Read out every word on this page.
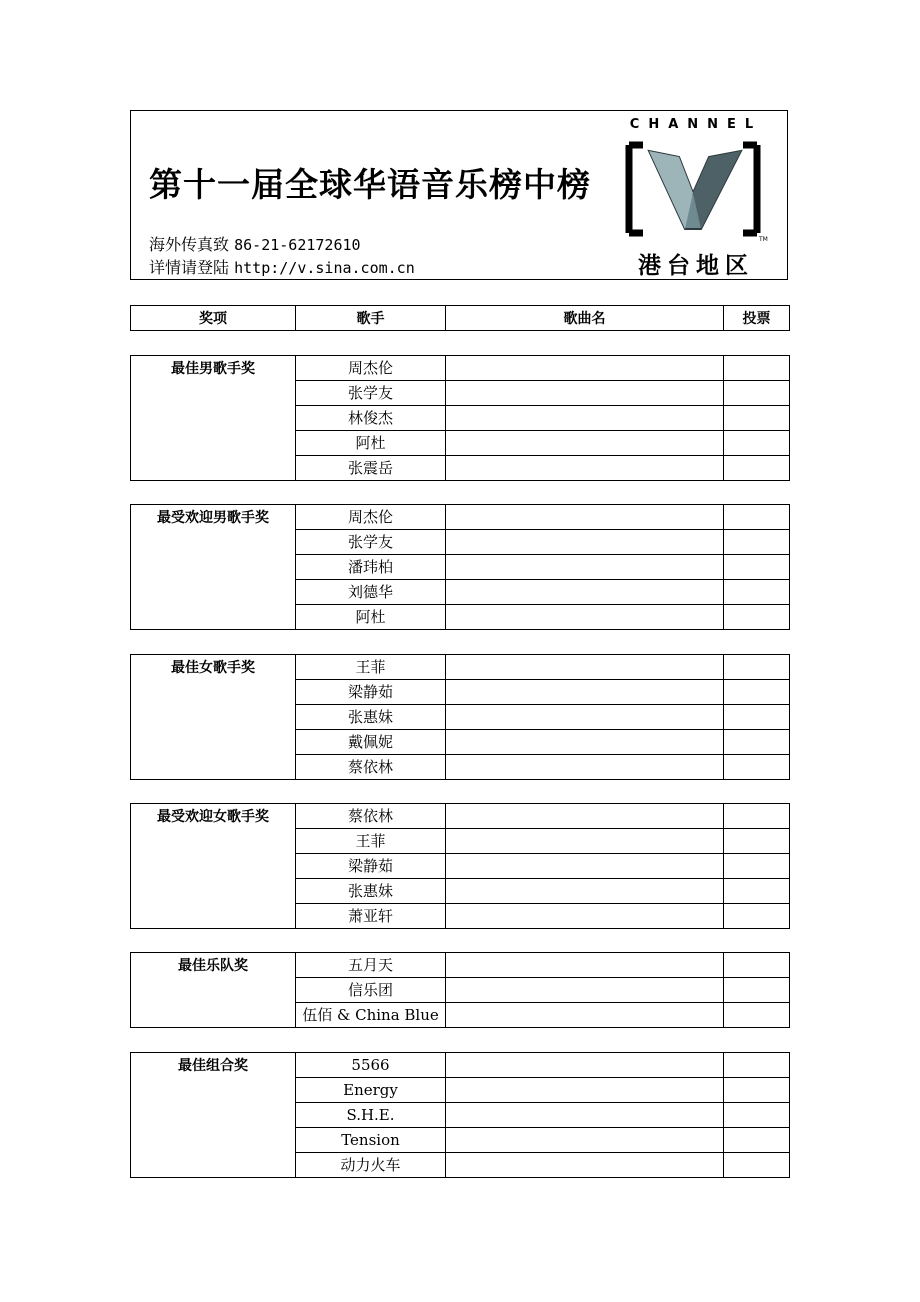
第十一届全球华语音乐榜中榜
海外传真致 86-21-62172610
详情请登陆 http://v.sina.com.cn
CHANNEL
TM
港台地区
奖项	歌手	歌曲名	投票
最佳男歌手奖	周杰伦		
	张学友		
	林俊杰		
	阿杜		
	张震岳		
最受欢迎男歌手奖	周杰伦		
	张学友		
	潘玮柏		
	刘德华		
	阿杜		
最佳女歌手奖	王菲		
	梁静茹		
	张惠妹		
	戴佩妮		
	蔡依林		
最受欢迎女歌手奖	蔡依林		
	王菲		
	梁静茹		
	张惠妹		
	萧亚轩		
最佳乐队奖	五月天		
	信乐团		
	伍佰 & China Blue		
最佳组合奖	5566		
	Energy		
	S.H.E.		
	Tension		
	动力火车		
